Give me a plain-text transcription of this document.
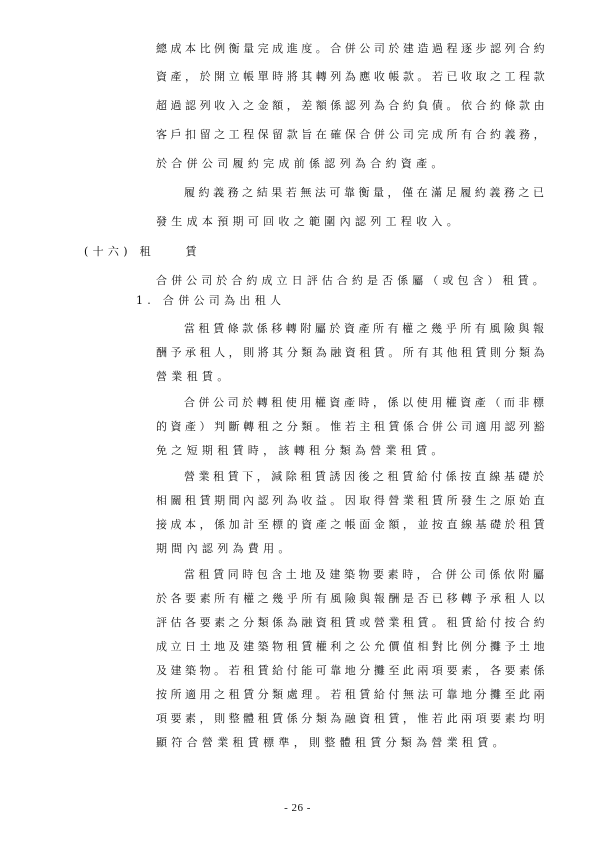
總成本比例衡量完成進度。合併公司於建造過程逐步認列合約
資產，於開立帳單時將其轉列為應收帳款。若已收取之工程款
超過認列收入之金額，差額係認列為合約負債。依合約條款由
客戶扣留之工程保留款旨在確保合併公司完成所有合約義務，
於合併公司履約完成前係認列為合約資產。
履約義務之結果若無法可靠衡量，僅在滿足履約義務之已
發生成本預期可回收之範圍內認列工程收入。
(十六) 租　　賃
合併公司於合約成立日評估合約是否係屬（或包含）租賃。
1. 合併公司為出租人
當租賃條款係移轉附屬於資產所有權之幾乎所有風險與報
酬予承租人，則將其分類為融資租賃。所有其他租賃則分類為
營業租賃。
合併公司於轉租使用權資產時，係以使用權資產（而非標
的資產）判斷轉租之分類。惟若主租賃係合併公司適用認列豁
免之短期租賃時，該轉租分類為營業租賃。
營業租賃下，減除租賃誘因後之租賃給付係按直線基礎於
相關租賃期間內認列為收益。因取得營業租賃所發生之原始直
接成本，係加計至標的資產之帳面金額，並按直線基礎於租賃
期間內認列為費用。
當租賃同時包含土地及建築物要素時，合併公司係依附屬
於各要素所有權之幾乎所有風險與報酬是否已移轉予承租人以
評估各要素之分類係為融資租賃或營業租賃。租賃給付按合約
成立日土地及建築物租賃權利之公允價值相對比例分攤予土地
及建築物。若租賃給付能可靠地分攤至此兩項要素，各要素係
按所適用之租賃分類處理。若租賃給付無法可靠地分攤至此兩
項要素，則整體租賃係分類為融資租賃，惟若此兩項要素均明
顯符合營業租賃標準，則整體租賃分類為營業租賃。
- 26 -
